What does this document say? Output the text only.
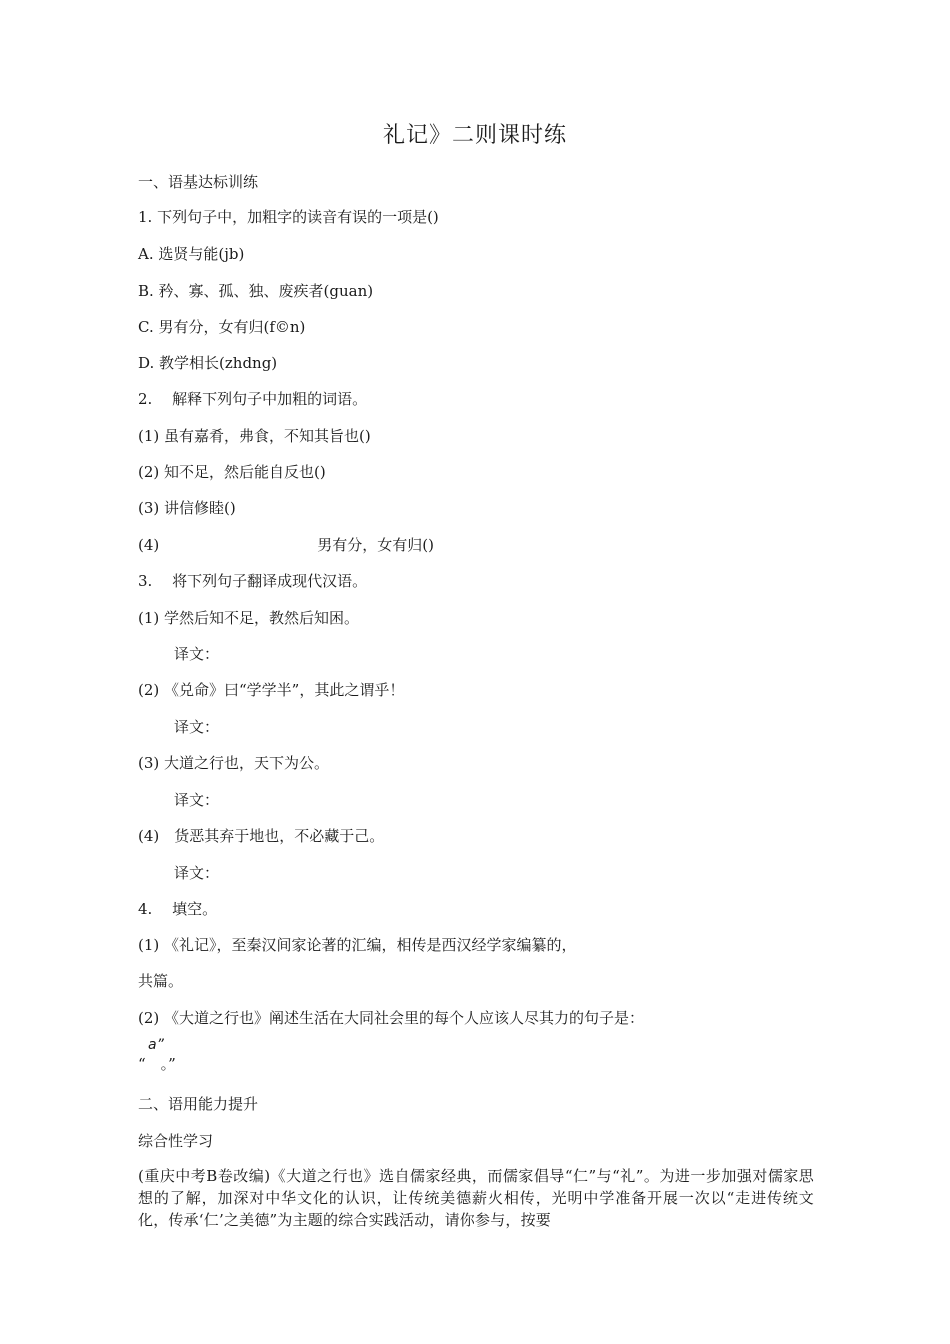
礼记》二则课时练
一、语基达标训练
1. 下列句子中，加粗字的读音有误的一项是()
A. 选贤与能(jb)
B. 矜、寡、孤、独、废疾者(guan)
C. 男有分，女有归(f©n)
D. 教学相长(zhdng)
2.　 解释下列句子中加粗的词语。
(1) 虽有嘉肴，弗食，不知其旨也()
(2) 知不足，然后能自反也()
(3) 讲信修睦()
(4)	男有分，女有归()
3.　 将下列句子翻译成现代汉语。
(1) 学然后知不足，教然后知困。
译文：
(2) 《兑命》曰“学学半”，其此之谓乎！
译文：
(3) 大道之行也，天下为公。
译文：
(4)　货恶其弃于地也，不必藏于己。
译文：
4.　 填空。
(1) 《礼记》，至秦汉间家论著的汇编，相传是西汉经学家编纂的，
共篇。
(2) 《大道之行也》阐述生活在大同社会里的每个人应该人尽其力的句子是：
a”
“　。”
二、语用能力提升
综合性学习
(重庆中考B卷改编)《大道之行也》选自儒家经典，而儒家倡导“仁”与“礼”。为进一步加强对儒家思想的了解，加深对中华文化的认识，让传统美德薪火相传，光明中学准备开展一次以“走进传统文化，传承‘仁’之美德”为主题的综合实践活动，请你参与，按要
